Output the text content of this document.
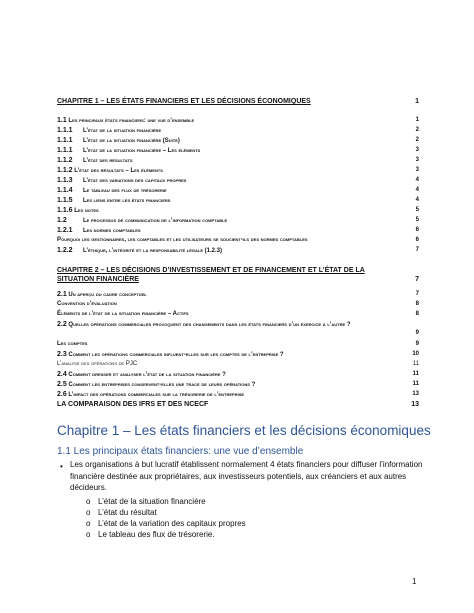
CHAPITRE 1 – LES ÉTATS FINANCIERS ET LES DÉCISIONS ÉCONOMIQUES	1
1.1 Les principaux états financiers: une vue d’ensemble	1
1.1.1 L’état de la situation financière	2
1.1.1 L’état de la situation financière (Suite)	2
1.1.1 L’état de la situation financière – Les éléments	3
1.1.2 L’état des résultats	3
1.1.2 L’état des résultats – Les éléments	3
1.1.3 L’état des variations des capitaux propres	4
1.1.4 Le tableau des flux de trésorerie	4
1.1.5 Les liens entre les états financiers	4
1.1.6 Les notes	5
1.2	Le processus de communication de l’information comptable	5
1.2.1 Les normes comptables	6
Pourquoi les gestionnaires, les comptables et les utilisateurs se soucient-ils des normes comptables	6
1.2.2 L’éthique, l’intégrité et la responsabilité légale (1.2.3)	7
CHAPITRE 2 – LES DÉCISIONS D’INVESTISSEMENT ET DE FINANCEMENT ET L’ÉTAT DE LA SITUATION FINANCIÈRE	7
2.1 Un aperçu du cadre conceptuel	7
Convention d’évaluation	8
Éléments de l’état de la situation financière – Actifs	8
2.2 Quelles opérations commerciales provoquent des changements dans les états financiers d’un exercice à l’autre ?
9
Les comptes	9
2.3 Comment les opérations commerciales influent-elles sur les comptes de l’entreprise ?	10
L’analyse des opérations de PJC	11
2.4 Comment dresser et analyser l’état de la situation financière ?	11
2.5 Comment les entreprises conservent-elles une trace de leurs opérations ?	11
2.6 L’impact des opérations commerciales sur la trésorerie de l’entreprise	13
LA COMPARAISON DES IFRS ET DES NCECF	13
Chapitre 1 – Les états financiers et les décisions économiques
1.1 Les principaux états financiers: une vue d’ensemble
• Les organisations à but lucratif établissent normalement 4 états financiers pour diffuser l’information financière destinée aux propriétaires, aux investisseurs potentiels, aux créanciers et aux autres décideurs.
o L’état de la situation financière
o L’état du résultat
o L’état de la variation des capitaux propres
o Le tableau des flux de trésorerie.
1
